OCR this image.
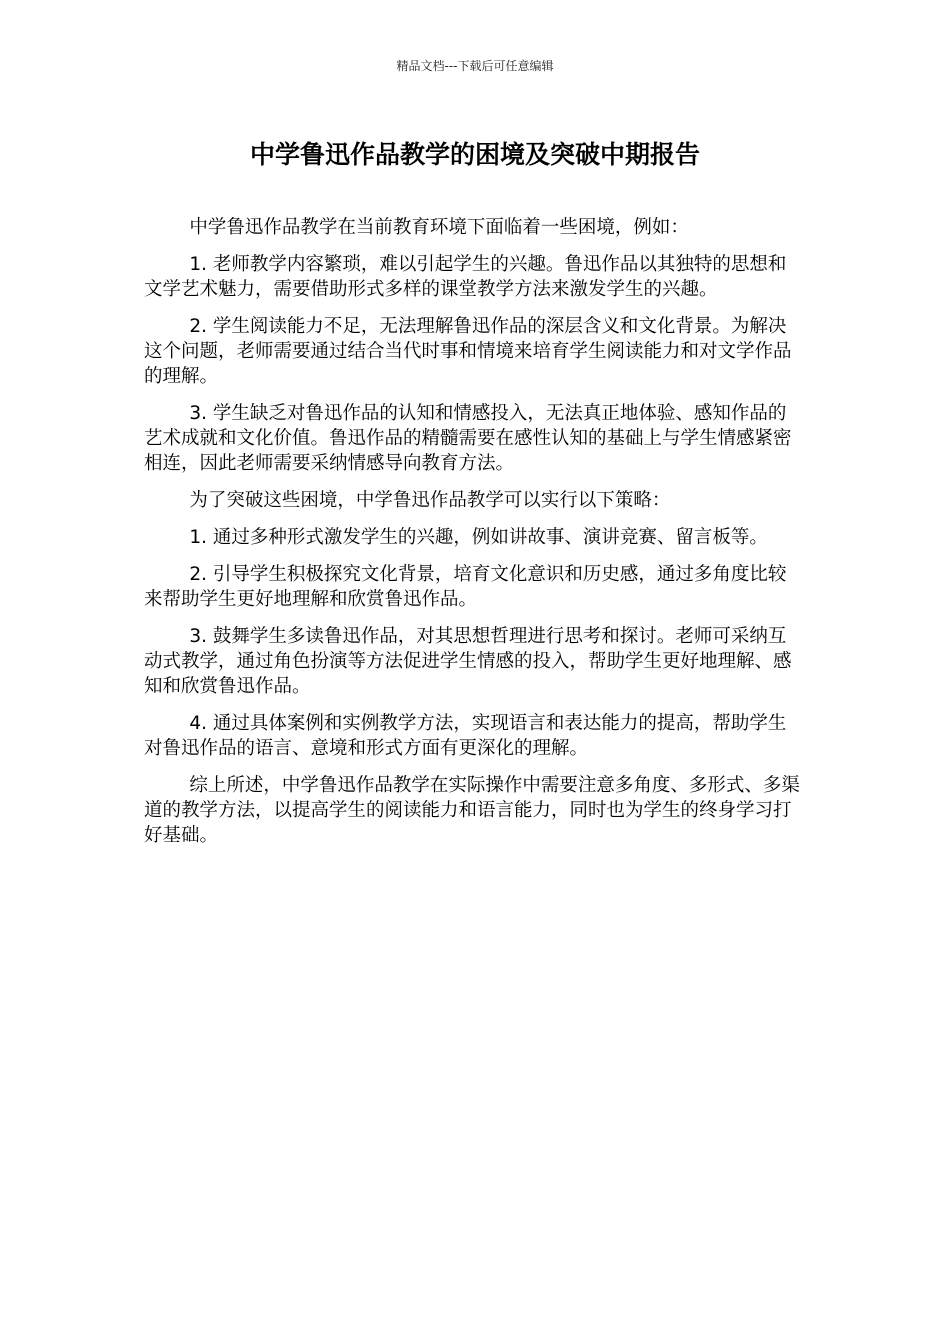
精品文档---下载后可任意编辑
中学鲁迅作品教学的困境及突破中期报告

中学鲁迅作品教学在当前教育环境下面临着一些困境，例如：

1. 老师教学内容繁琐，难以引起学生的兴趣。鲁迅作品以其独特的思想和文学艺术魅力，需要借助形式多样的课堂教学方法来激发学生的兴趣。

2. 学生阅读能力不足，无法理解鲁迅作品的深层含义和文化背景。为解决这个问题，老师需要通过结合当代时事和情境来培育学生阅读能力和对文学作品的理解。

3. 学生缺乏对鲁迅作品的认知和情感投入，无法真正地体验、感知作品的艺术成就和文化价值。鲁迅作品的精髓需要在感性认知的基础上与学生情感紧密相连，因此老师需要采纳情感导向教育方法。

为了突破这些困境，中学鲁迅作品教学可以实行以下策略：

1. 通过多种形式激发学生的兴趣，例如讲故事、演讲竞赛、留言板等。

2. 引导学生积极探究文化背景，培育文化意识和历史感，通过多角度比较来帮助学生更好地理解和欣赏鲁迅作品。

3. 鼓舞学生多读鲁迅作品，对其思想哲理进行思考和探讨。老师可采纳互动式教学，通过角色扮演等方法促进学生情感的投入，帮助学生更好地理解、感知和欣赏鲁迅作品。

4. 通过具体案例和实例教学方法，实现语言和表达能力的提高，帮助学生对鲁迅作品的语言、意境和形式方面有更深化的理解。

综上所述，中学鲁迅作品教学在实际操作中需要注意多角度、多形式、多渠道的教学方法，以提高学生的阅读能力和语言能力，同时也为学生的终身学习打好基础。
